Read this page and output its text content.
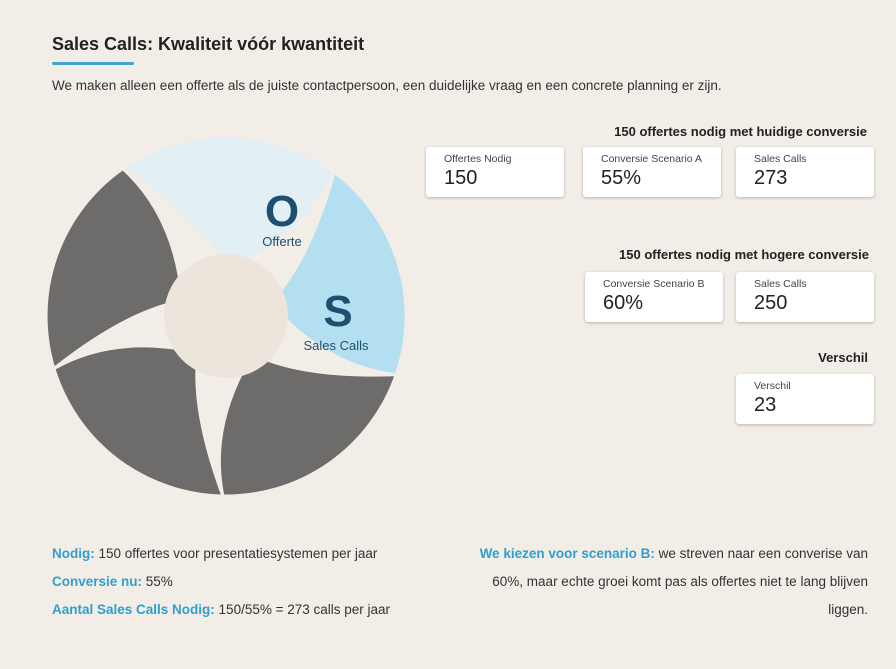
Sales Calls: Kwaliteit vóór kwantiteit
We maken alleen een offerte als de juiste contactpersoon, een duidelijke vraag en een concrete planning er zijn.
O
Offerte
S
Sales Calls
150 offertes nodig met huidige conversie
Offertes Nodig
150
Conversie Scenario A
55%
Sales Calls
273
150 offertes nodig met hogere conversie
Conversie Scenario B
60%
Sales Calls
250
Verschil
Verschil
23
Nodig: 150 offertes voor presentatiesystemen per jaar
Conversie nu: 55%
Aantal Sales Calls Nodig: 150/55% = 273 calls per jaar
We kiezen voor scenario B: we streven naar een converise van 60%, maar echte groei komt pas als offertes niet te lang blijven liggen.
